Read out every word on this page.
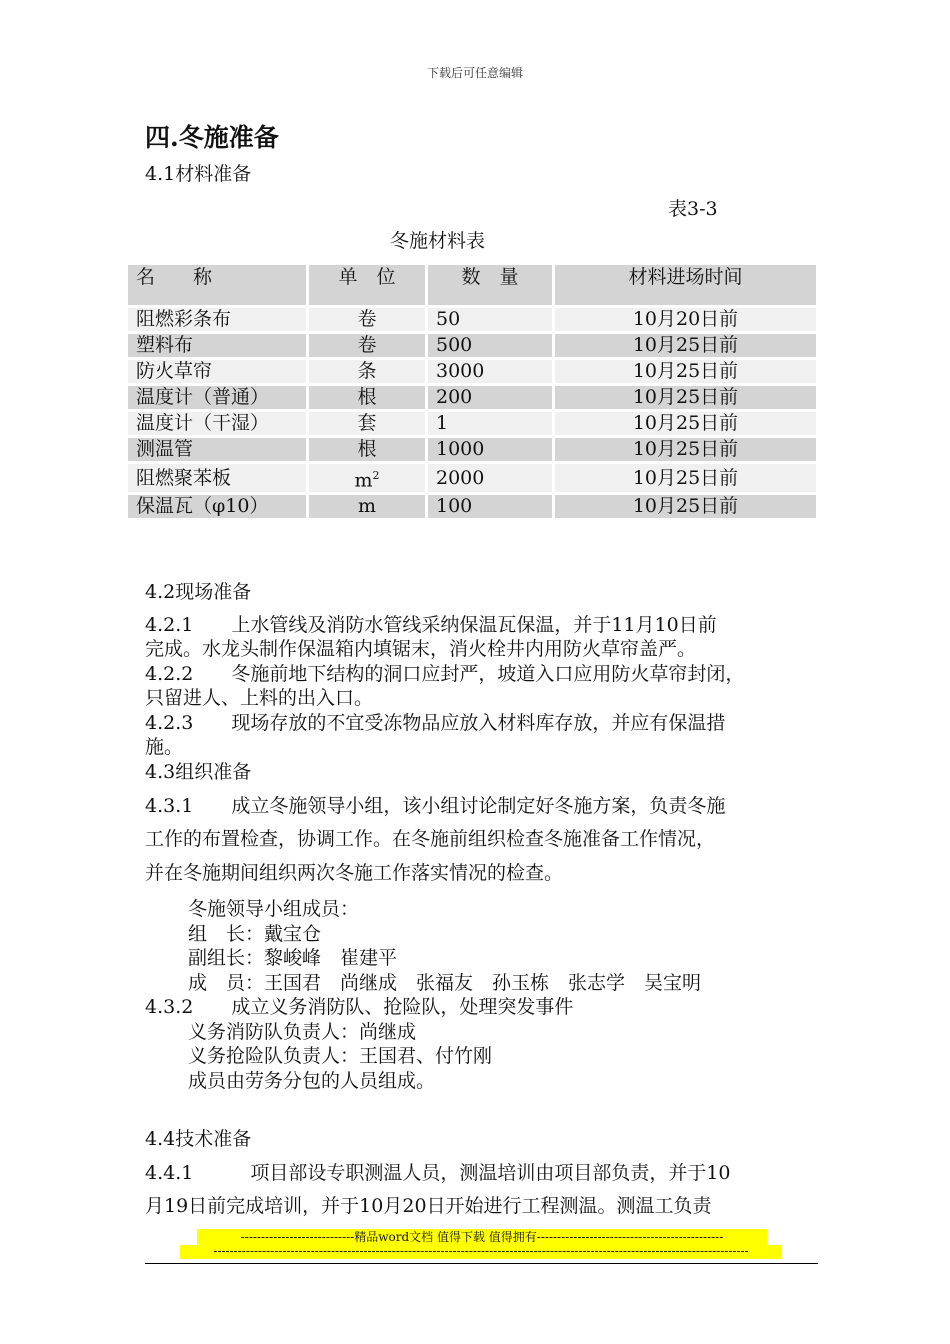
下载后可任意编辑
四.冬施准备
4.1材料准备
表3-3
冬施材料表
名　　称	单　位	数　量	材料进场时间
阻燃彩条布	卷	50	10月20日前
塑料布	卷	500	10月25日前
防火草帘	条	3000	10月25日前
温度计（普通）	根	200	10月25日前
温度计（干湿）	套	1	10月25日前
测温管	根	1000	10月25日前
阻燃聚苯板	$m^2$	2000	10月25日前
保温瓦（φ10）	m	100	10月25日前
4.2现场准备
4.2.1　　上水管线及消防水管线采纳保温瓦保温，并于11月10日前
完成。水龙头制作保温箱内填锯末，消火栓井内用防火草帘盖严。
4.2.2　　冬施前地下结构的洞口应封严，坡道入口应用防火草帘封闭，
只留进人、上料的出入口。
4.2.3　　现场存放的不宜受冻物品应放入材料库存放，并应有保温措
施。
4.3组织准备
4.3.1　　成立冬施领导小组，该小组讨论制定好冬施方案，负责冬施
工作的布置检查，协调工作。在冬施前组织检查冬施准备工作情况，
并在冬施期间组织两次冬施工作落实情况的检查。
冬施领导小组成员：
组　长：戴宝仓
副组长：黎峻峰　崔建平
成　员：王国君　尚继成　张福友　孙玉栋　张志学　吴宝明
4.3.2　　成立义务消防队、抢险队，处理突发事件
义务消防队负责人：尚继成
义务抢险队负责人：王国君、付竹刚
成员由劳务分包的人员组成。
4.4技术准备
4.4.1　　　项目部设专职测温人员，测温培训由项目部负责，并于10
月19日前完成培训，并于10月20日开始进行工程测温。测温工负责
----------------------------精品word文档 值得下载 值得拥有----------------------------------------------
------------------------------------------------------------------------------------------------------------------------------------
